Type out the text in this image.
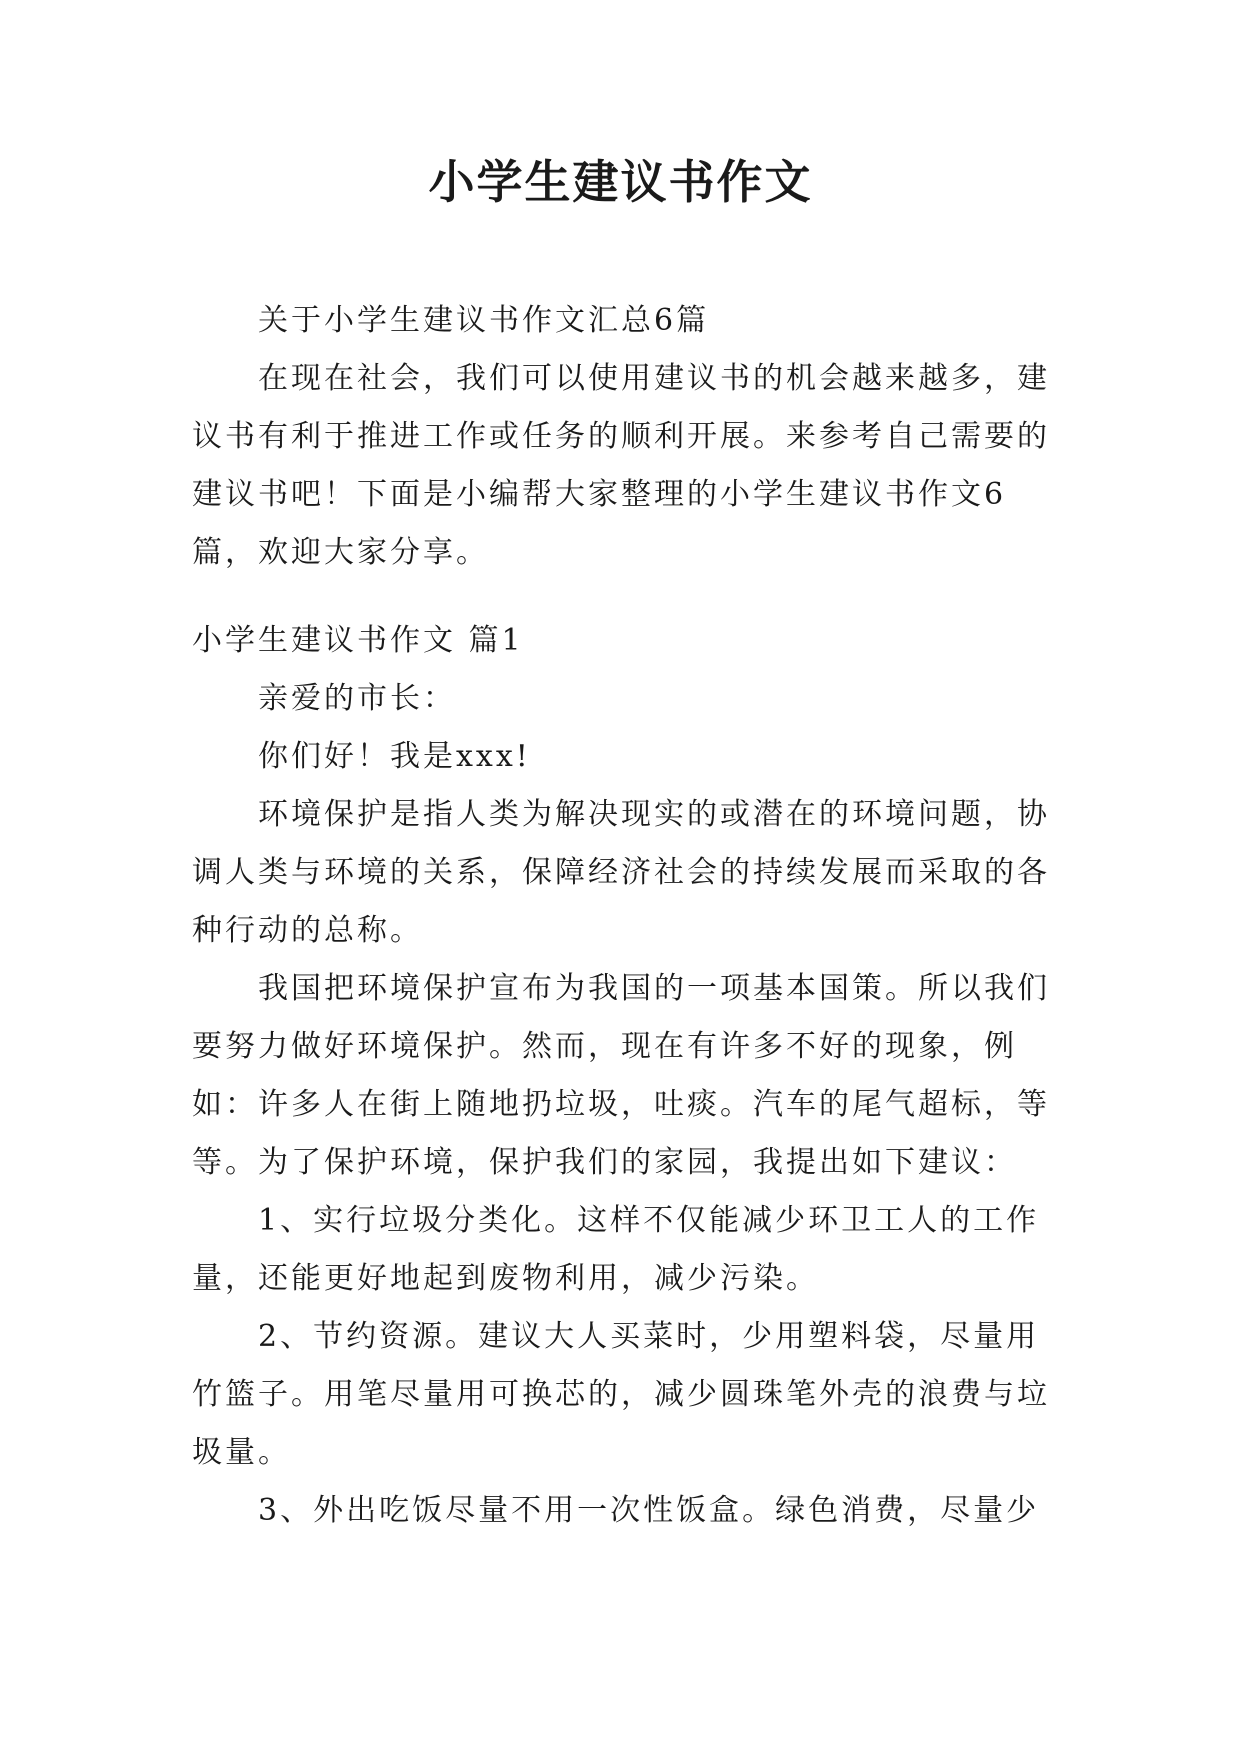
小学生建议书作文

关于小学生建议书作文汇总6篇

在现在社会，我们可以使用建议书的机会越来越多，建议书有利于推进工作或任务的顺利开展。来参考自己需要的建议书吧！下面是小编帮大家整理的小学生建议书作文6篇，欢迎大家分享。

小学生建议书作文 篇1

亲爱的市长：

你们好！我是xxx!

环境保护是指人类为解决现实的或潜在的环境问题，协调人类与环境的关系，保障经济社会的持续发展而采取的各种行动的总称。

我国把环境保护宣布为我国的一项基本国策。所以我们要努力做好环境保护。然而，现在有许多不好的现象，例如：许多人在街上随地扔垃圾，吐痰。汽车的尾气超标，等等。为了保护环境，保护我们的家园，我提出如下建议：

1、实行垃圾分类化。这样不仅能减少环卫工人的工作量，还能更好地起到废物利用，减少污染。

2、节约资源。建议大人买菜时，少用塑料袋，尽量用竹篮子。用笔尽量用可换芯的，减少圆珠笔外壳的浪费与垃圾量。

3、外出吃饭尽量不用一次性饭盒。绿色消费，尽量少
